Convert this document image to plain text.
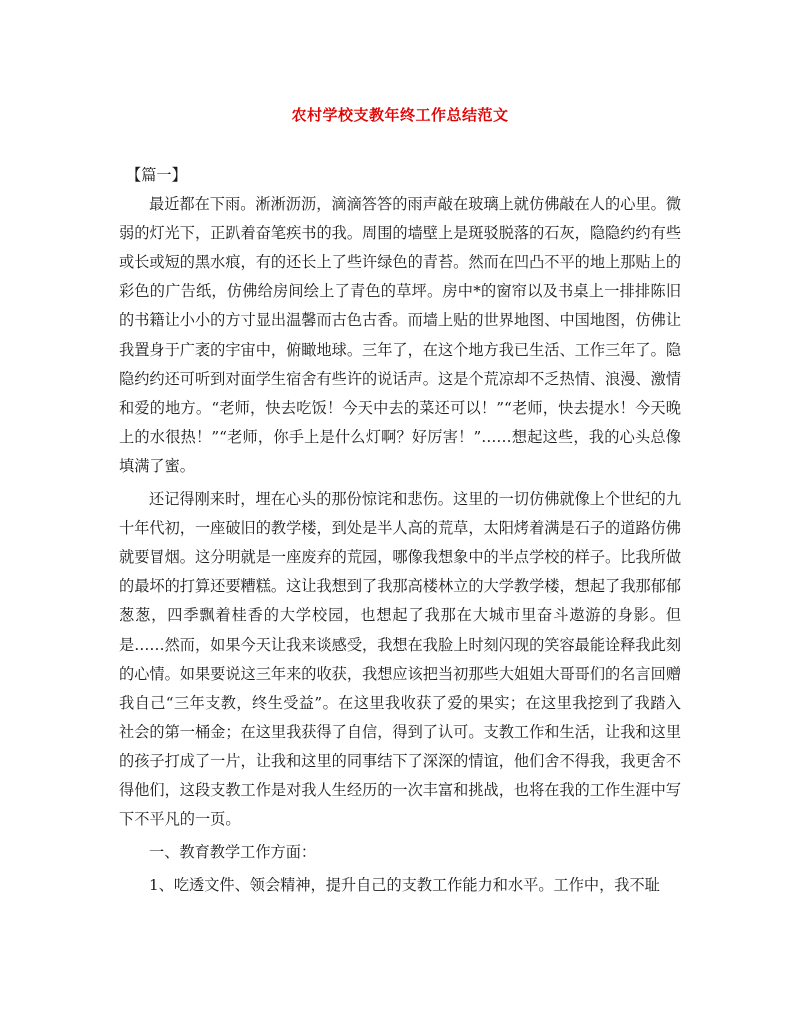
农村学校支教年终工作总结范文

【篇一】

最近都在下雨。淅淅沥沥，滴滴答答的雨声敲在玻璃上就仿佛敲在人的心里。微弱的灯光下，正趴着奋笔疾书的我。周围的墙壁上是斑驳脱落的石灰，隐隐约约有些或长或短的黑水痕，有的还长上了些许绿色的青苔。然而在凹凸不平的地上那贴上的彩色的广告纸，仿佛给房间绘上了青色的草坪。房中*的窗帘以及书桌上一排排陈旧的书籍让小小的方寸显出温馨而古色古香。而墙上贴的世界地图、中国地图，仿佛让我置身于广袤的宇宙中，俯瞰地球。三年了，在这个地方我已生活、工作三年了。隐隐约约还可听到对面学生宿舍有些许的说话声。这是个荒凉却不乏热情、浪漫、激情和爱的地方。“老师，快去吃饭！今天中去的菜还可以！”“老师，快去提水！今天晚上的水很热！”“老师，你手上是什么灯啊？好厉害！”……想起这些，我的心头总像填满了蜜。

还记得刚来时，埋在心头的那份惊诧和悲伤。这里的一切仿佛就像上个世纪的九十年代初，一座破旧的教学楼，到处是半人高的荒草，太阳烤着满是石子的道路仿佛就要冒烟。这分明就是一座废弃的荒园，哪像我想象中的半点学校的样子。比我所做的最坏的打算还要糟糕。这让我想到了我那高楼林立的大学教学楼，想起了我那郁郁葱葱，四季飘着桂香的大学校园，也想起了我那在大城市里奋斗遨游的身影。但是……然而，如果今天让我来谈感受，我想在我脸上时刻闪现的笑容最能诠释我此刻的心情。如果要说这三年来的收获，我想应该把当初那些大姐姐大哥哥们的名言回赠我自己“三年支教，终生受益”。在这里我收获了爱的果实；在这里我挖到了我踏入社会的第一桶金；在这里我获得了自信，得到了认可。支教工作和生活，让我和这里的孩子打成了一片，让我和这里的同事结下了深深的情谊，他们舍不得我，我更舍不得他们，这段支教工作是对我人生经历的一次丰富和挑战，也将在我的工作生涯中写下不平凡的一页。

一、教育教学工作方面：

1、吃透文件、领会精神，提升自己的支教工作能力和水平。工作中，我不耻
